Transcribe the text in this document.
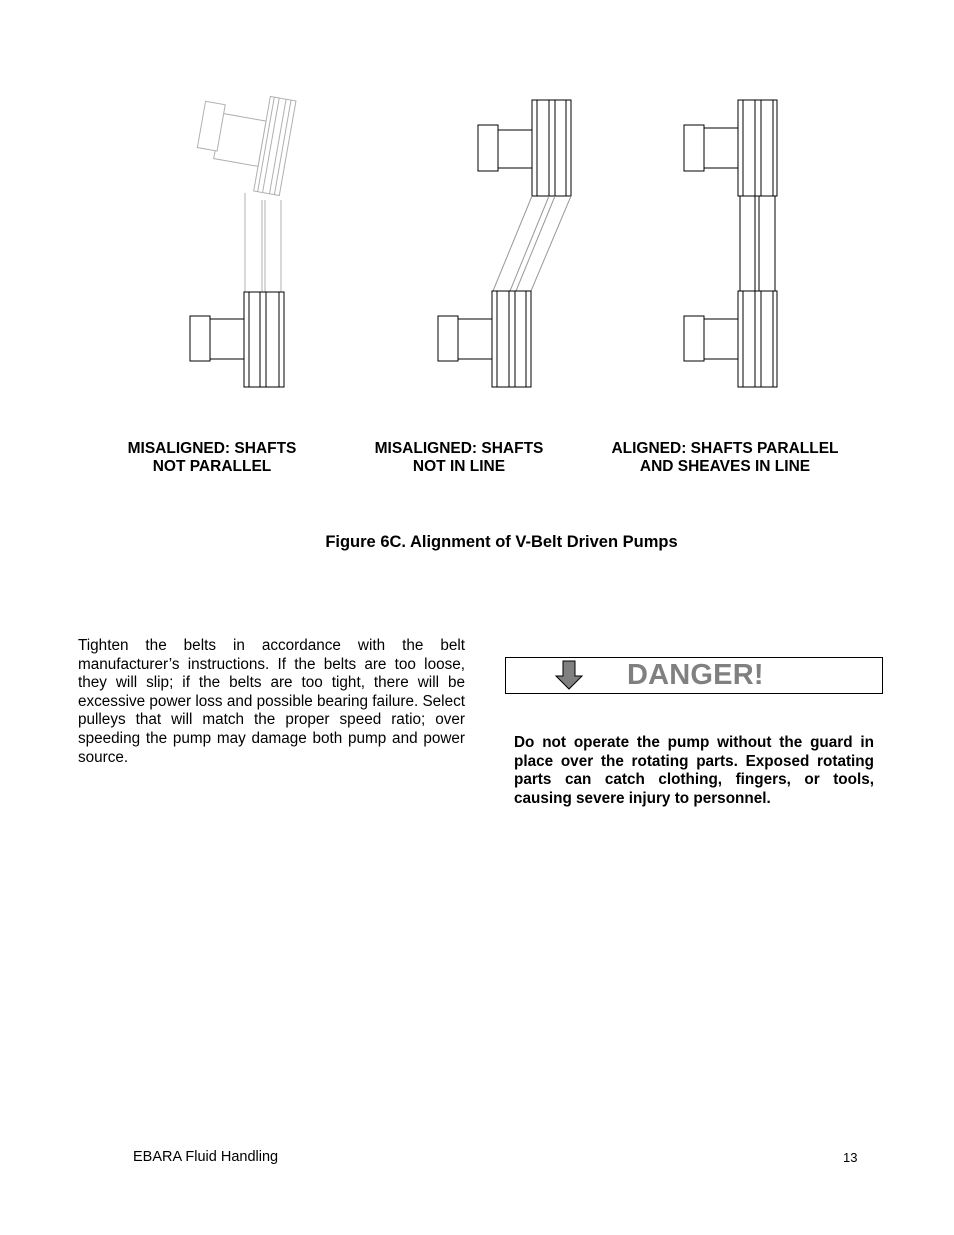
MISALIGNED: SHAFTS
NOT PARALLEL
MISALIGNED: SHAFTS
NOT IN LINE
ALIGNED: SHAFTS PARALLEL
AND SHEAVES IN LINE
Figure 6C. Alignment of V-Belt Driven Pumps

Tighten the belts in accordance with the belt manufacturer’s instructions. If the belts are too loose, they will slip; if the belts are too tight, there will be excessive power loss and possible bearing failure. Select pulleys that will match the proper speed ratio; over speeding the pump may damage both pump and power source.

DANGER!

Do not operate the pump without the guard in place over the rotating parts. Exposed rotating parts can catch clothing, fingers, or tools, causing severe injury to personnel.

EBARA Fluid Handling	13
